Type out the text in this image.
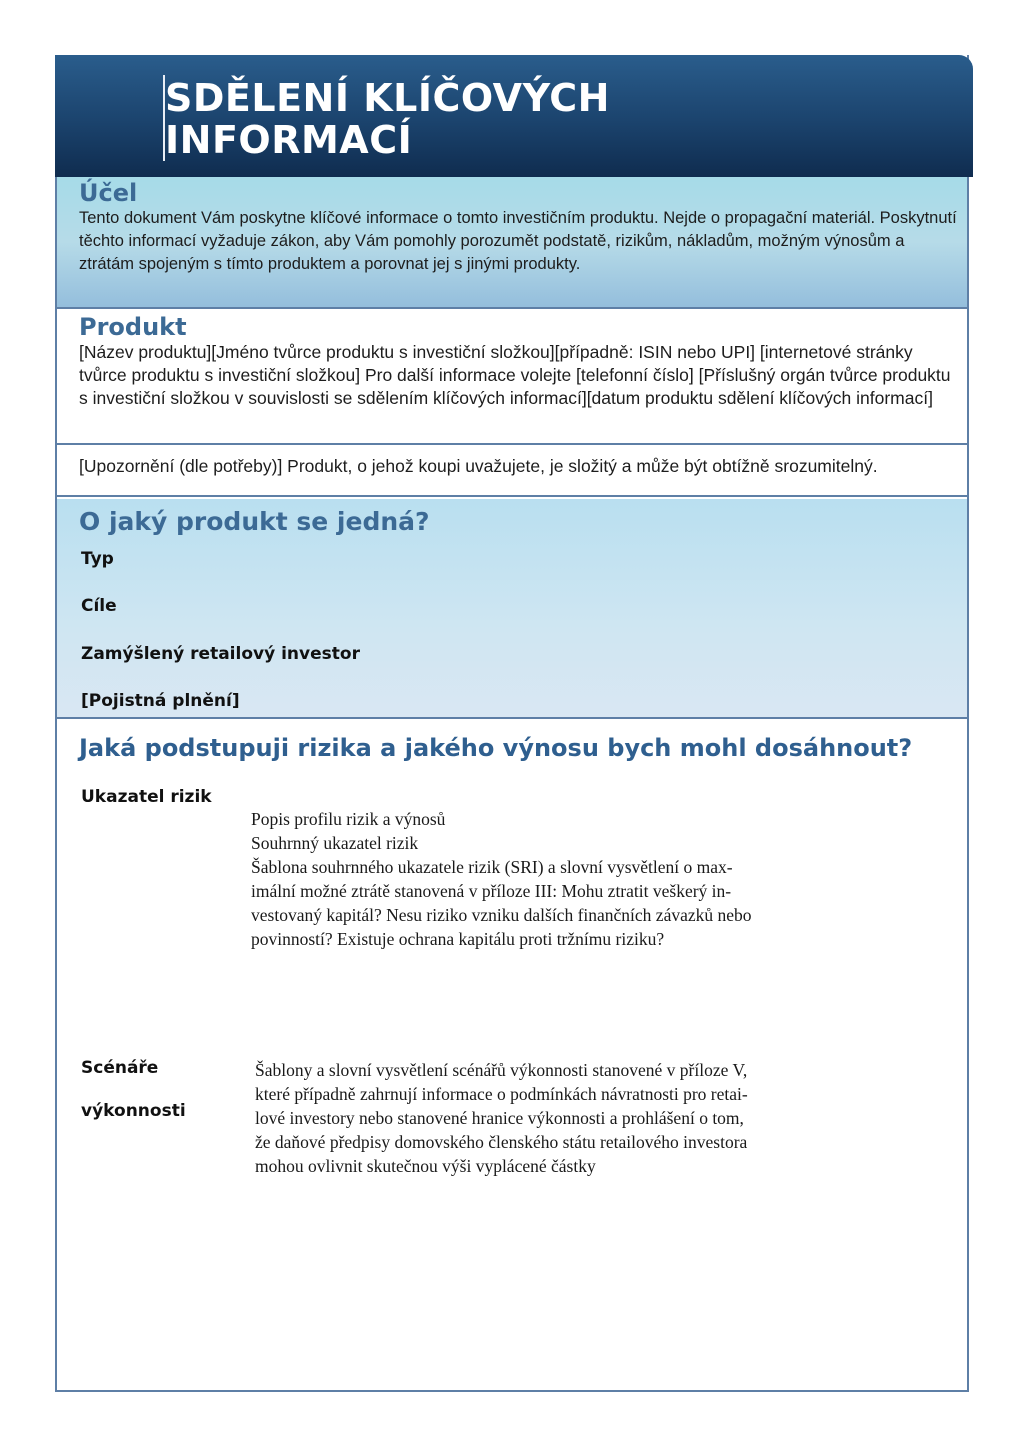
SDĚLENÍ KLÍČOVÝCH
INFORMACÍ
Účel

Tento dokument Vám poskytne klíčové informace o tomto investičním produktu. Nejde o propagační materiál. Poskytnutí těchto informací vyžaduje zákon, aby Vám pomohly porozumět podstatě, rizikům, nákladům, možným výnosům a ztrátám spojeným s tímto produktem a porovnat jej s jinými produkty.

Produkt

[Název produktu][Jméno tvůrce produktu s investiční složkou][případně: ISIN nebo UPI] [internetové stránky tvůrce produktu s investiční složkou] Pro další informace volejte [telefonní číslo] [Příslušný orgán tvůrce produktu s investiční složkou v souvislosti se sdělením klíčových informací][datum produktu sdělení klíčových informací]

[Upozornění (dle potřeby)] Produkt, o jehož koupi uvažujete, je složitý a může být obtížně srozumitelný.

O jaký produkt se jedná?
Typ
Cíle
Zamýšlený retailový investor
[Pojistná plnění]
Jaká podstupuji rizika a jakého výnosu bych mohl dosáhnout?
Ukazatel rizik
Popis profilu rizik a výnosů
Souhrnný ukazatel rizik
Šablona souhrnného ukazatele rizik (SRI) a slovní vysvětlení o max-
imální možné ztrátě stanovená v příloze III: Mohu ztratit veškerý in-
vestovaný kapitál? Nesu riziko vzniku dalších finančních závazků nebo
povinností? Existuje ochrana kapitálu proti tržnímu riziku?
Scénáře
výkonnosti
Šablony a slovní vysvětlení scénářů výkonnosti stanovené v příloze V,
které případně zahrnují informace o podmínkách návratnosti pro retai-
lové investory nebo stanovené hranice výkonnosti a prohlášení o tom,
že daňové předpisy domovského členského státu retailového investora
mohou ovlivnit skutečnou výši vyplácené částky
